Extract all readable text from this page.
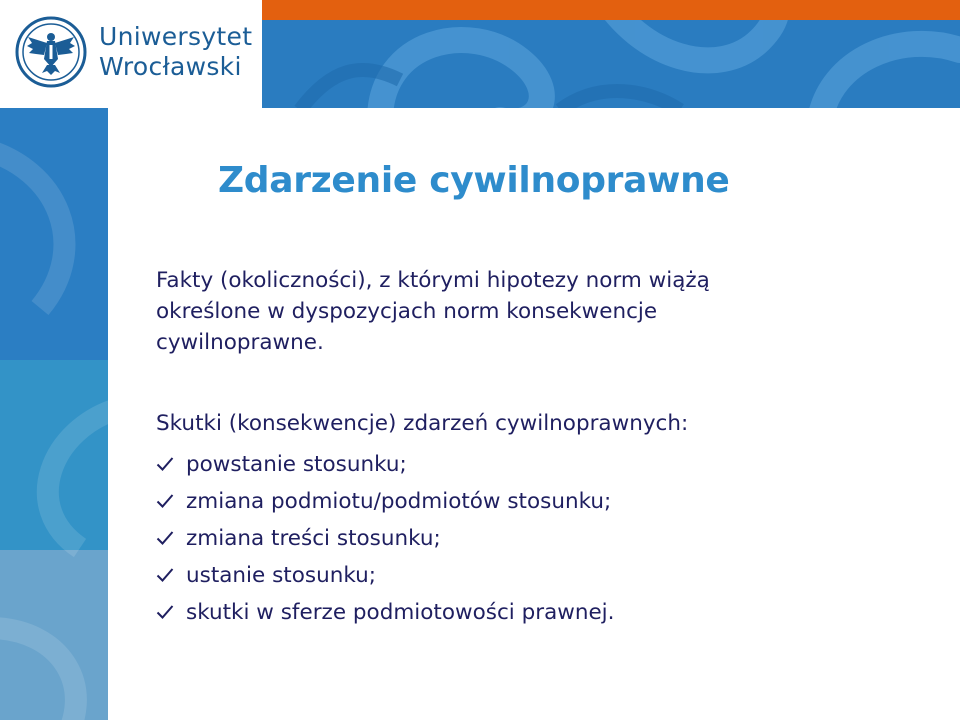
Uniwersytet
Wrocławski
Zdarzenie cywilnoprawne
Fakty (okoliczności), z którymi hipotezy norm wiążą
określone w dyspozycjach norm konsekwencje
cywilnoprawne.
Skutki (konsekwencje) zdarzeń cywilnoprawnych:
powstanie stosunku;
zmiana podmiotu/podmiotów stosunku;
zmiana treści stosunku;
ustanie stosunku;
skutki w sferze podmiotowości prawnej.
